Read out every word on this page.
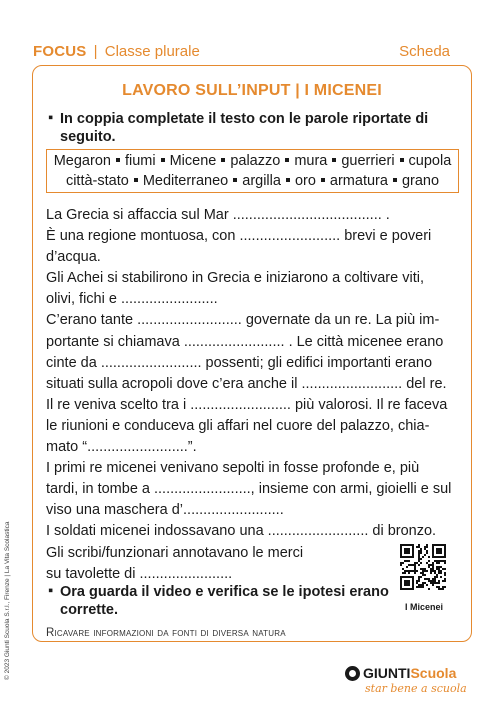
FOCUS | Classe plurale	Scheda
© 2023 Giunti Scuola S.r.l., Firenze | La Vita Scolastica
LAVORO SULL’INPUT | I MICENEI
▪ In coppia completate il testo con le parole riportate di seguito.
Megaron fiumi Micene palazzo mura guerrieri cupola
città-stato Mediterraneo argilla oro armatura grano
La Grecia si affaccia sul Mar ..................................... .
È una regione montuosa, con ......................... brevi e poveri
d’acqua.
Gli Achei si stabilirono in Grecia e iniziarono a coltivare viti,
olivi, fichi e ........................
C’erano tante .......................... governate da un re. La più im-
portante si chiamava ......................... . Le città micenee erano
cinte da ......................... possenti; gli edifici importanti erano
situati sulla acropoli dove c’era anche il ......................... del re.
Il re veniva scelto tra i ......................... più valorosi. Il re faceva
le riunioni e conduceva gli affari nel cuore del palazzo, chia-
mato “.........................”.
I primi re micenei venivano sepolti in fosse profonde e, più
tardi, in tombe a ........................, insieme con armi, gioielli e sul
viso una maschera d’.........................
I soldati micenei indossavano una ......................... di bronzo.
Gli scribi/funzionari annotavano le merci
su tavolette di .......................
I Micenei
▪ Ora guarda il video e verifica se le ipotesi erano corrette.
Ricavare informazioni da fonti di diversa natura
GIUNTIScuola
star bene a scuola
